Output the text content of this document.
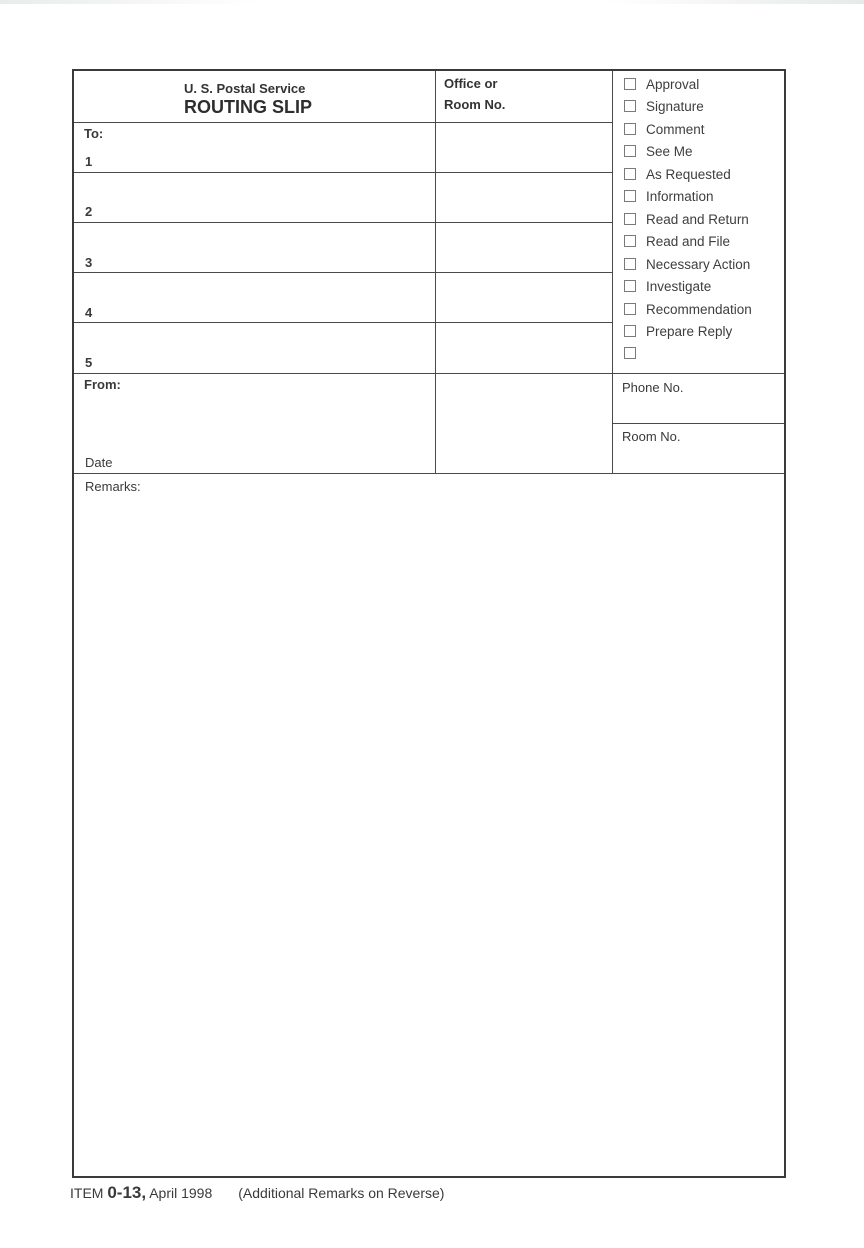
U. S. Postal Service
ROUTING SLIP
Office or
Room No.
To:
1
2
3
4
5
Approval
Signature
Comment
See Me
As Requested
Information
Read and Return
Read and File
Necessary Action
Investigate
Recommendation
Prepare Reply
From:
Date
Phone No.
Room No.
Remarks:
ITEM 0-13, April 1998 (Additional Remarks on Reverse)
